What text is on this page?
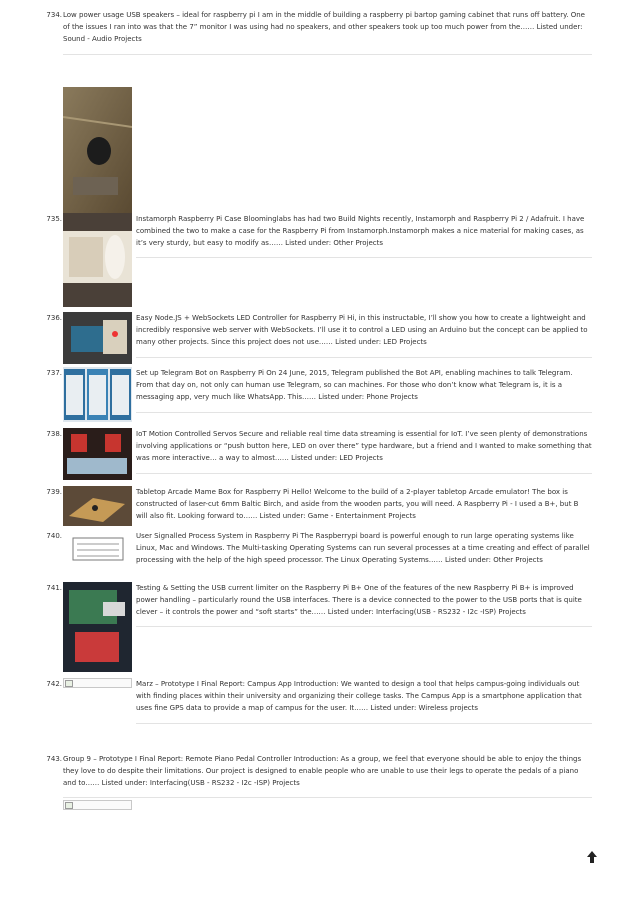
734. Low power usage USB speakers – ideal for raspberry pi I am in the middle of building a raspberry pi bartop gaming cabinet that runs off battery. One of the issues I ran into was that the 7” monitor I was using had no speakers, and other speakers took up too much power from the…… Listed under: Sound - Audio Projects

735.	Instamorph Raspberry Pi Case Bloominglabs has had two Build Nights recently, Instamorph and Raspberry Pi 2 / Adafruit. I have combined the two to make a case for the Raspberry Pi from Instamorph.Instamorph makes a nice material for making cases, as it’s very sturdy, but easy to modify as…… Listed under: Other Projects

736.	Easy Node.JS + WebSockets LED Controller for Raspberry Pi Hi, in this instructable, I’ll show you how to create a lightweight and incredibly responsive web server with WebSockets. I’ll use it to control a LED using an Arduino but the concept can be applied to many other projects. Since this project does not use…… Listed under: LED Projects

737.	Set up Telegram Bot on Raspberry Pi On 24 June, 2015, Telegram published the Bot API, enabling machines to talk Telegram. From that day on, not only can human use Telegram, so can machines. For those who don’t know what Telegram is, it is a messaging app, very much like WhatsApp. This…… Listed under: Phone Projects

738.	IoT Motion Controlled Servos Secure and reliable real time data streaming is essential for IoT. I’ve seen plenty of demonstrations involving applications or “push button here, LED on over there” type hardware, but a friend and I wanted to make something that was more interactive… a way to almost…… Listed under: LED Projects

739.	Tabletop Arcade Mame Box for Raspberry Pi Hello! Welcome to the build of a 2-player tabletop Arcade emulator! The box is constructed of laser-cut 6mm Baltic Birch, and aside from the wooden parts, you will need. A Raspberry Pi - I used a B+, but B will also fit. Looking forward to…… Listed under: Game - Entertainment Projects

740.	User Signalled Process System in Raspberry Pi The Raspberrypi board is powerful enough to run large operating systems like Linux, Mac and Windows. The Multi-tasking Operating Systems can run several processes at a time creating and effect of parallel processing with the help of the high speed processor. The Linux Operating Systems…… Listed under: Other Projects

741.	Testing & Setting the USB current limiter on the Raspberry Pi B+ One of the features of the new Raspberry Pi B+ is improved power handling – particularly round the USB interfaces. There is a device connected to the power to the USB ports that is quite clever – it controls the power and “soft starts” the…… Listed under: Interfacing(USB - RS232 - I2c -ISP) Projects

742.	Marz – Prototype I Final Report: Campus App Introduction: We wanted to design a tool that helps campus-going individuals out with finding places within their university and organizing their college tasks. The Campus App is a smartphone application that uses fine GPS data to provide a map of campus for the user. It…… Listed under: Wireless projects

743. Group 9 – Prototype I Final Report: Remote Piano Pedal Controller Introduction: As a group, we feel that everyone should be able to enjoy the things they love to do despite their limitations. Our project is designed to enable people who are unable to use their legs to operate the pedals of a piano and to…… Listed under: Interfacing(USB - RS232 - I2c -ISP) Projects
